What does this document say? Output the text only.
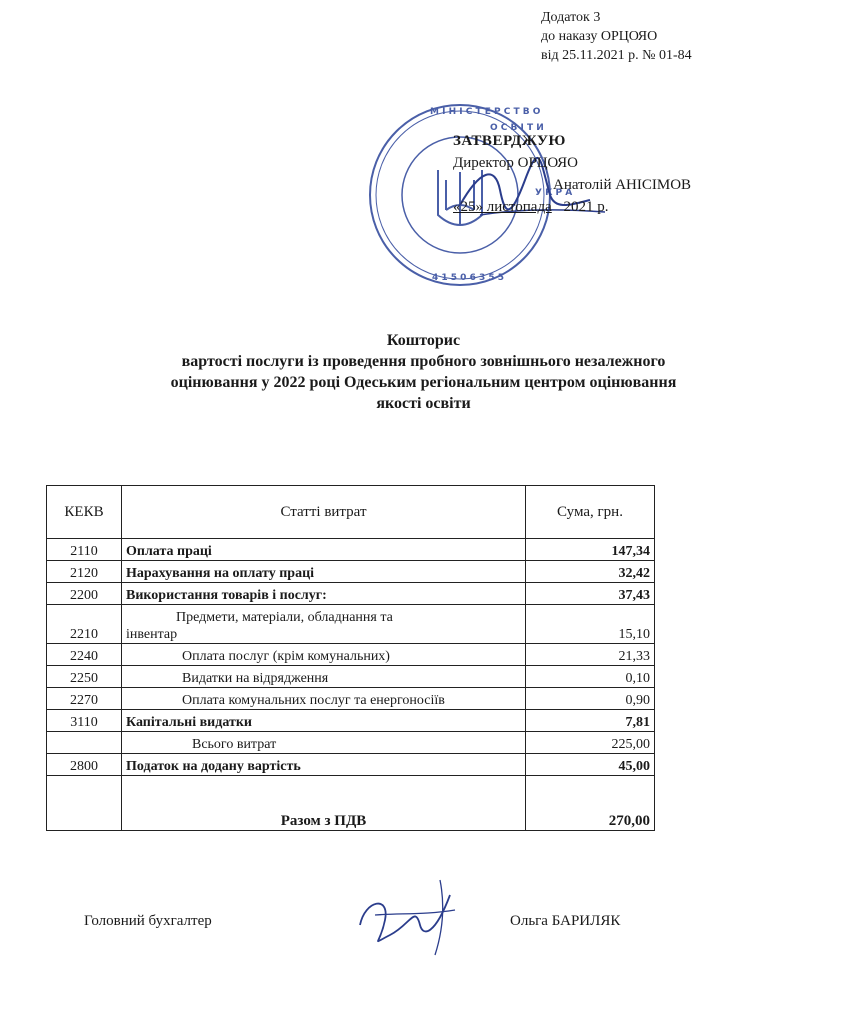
Додаток 3
до наказу ОРЦОЯО
від 25.11.2021 р. № 01-84
М І Н І С Т Е Р С Т В О
О С В І Т И
У К Р А
4 1 5 0 6 3 5 5
ЗАТВЕРДЖУЮ
Директор ОРЦОЯО
Анатолій АНІСІМОВ
«25» листопада 2021 р.
Кошторис
вартості послуги із проведення пробного зовнішнього незалежного
оцінювання у 2022 році Одеським регіональним центром оцінювання
якості освіти
КЕКВ	Статті витрат	Сума, грн.
2110	Оплата праці	147,34
2120	Нарахування на оплату праці	32,42
2200	Використання товарів і послуг:	37,43
2210	Предмети, матеріали, обладнання та
інвентар	15,10
2240	Оплата послуг (крім комунальних)	21,33
2250	Видатки на відрядження	0,10
2270	Оплата комунальних послуг та енергоносіїв	0,90
3110	Капітальні видатки	7,81
	Всього витрат	225,00
2800	Податок на додану вартість	45,00
	Разом з ПДВ	270,00
Головний бухгалтер	Ольга БАРИЛЯК
